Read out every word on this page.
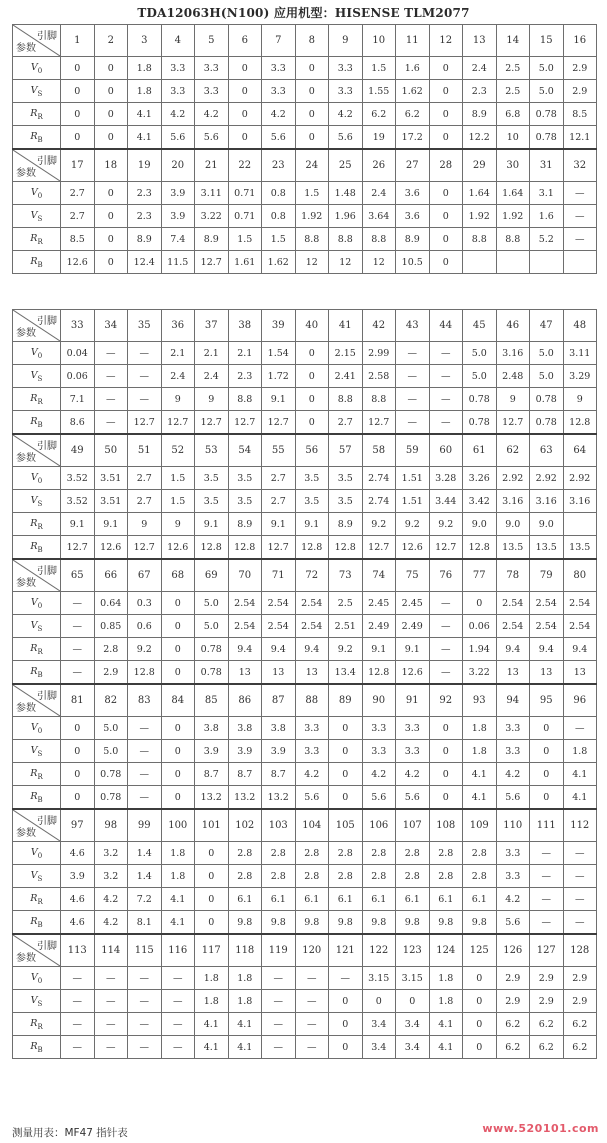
TDA12063H(N100) 应用机型：HISENSE TLM2077
引脚
参数	1	2	3	4	5	6	7	8	9	10	11	12	13	14	15	16
$V_0$	0	0	1.8	3.3	3.3	0	3.3	0	3.3	1.5	1.6	0	2.4	2.5	5.0	2.9
$V_S$	0	0	1.8	3.3	3.3	0	3.3	0	3.3	1.55	1.62	0	2.3	2.5	5.0	2.9
$R_R$	0	0	4.1	4.2	4.2	0	4.2	0	4.2	6.2	6.2	0	8.9	6.8	0.78	8.5
$R_B$	0	0	4.1	5.6	5.6	0	5.6	0	5.6	19	17.2	0	12.2	10	0.78	12.1

引脚
参数	17	18	19	20	21	22	23	24	25	26	27	28	29	30	31	32
$V_0$	2.7	0	2.3	3.9	3.11	0.71	0.8	1.5	1.48	2.4	3.6	0	1.64	1.64	3.1	—
$V_S$	2.7	0	2.3	3.9	3.22	0.71	0.8	1.92	1.96	3.64	3.6	0	1.92	1.92	1.6	—
$R_R$	8.5	0	8.9	7.4	8.9	1.5	1.5	8.8	8.8	8.8	8.9	0	8.8	8.8	5.2	—
$R_B$	12.6	0	12.4	11.5	12.7	1.61	1.62	12	12	12	10.5	0				
引脚
参数	33	34	35	36	37	38	39	40	41	42	43	44	45	46	47	48
$V_0$	0.04	—	—	2.1	2.1	2.1	1.54	0	2.15	2.99	—	—	5.0	3.16	5.0	3.11
$V_S$	0.06	—	—	2.4	2.4	2.3	1.72	0	2.41	2.58	—	—	5.0	2.48	5.0	3.29
$R_R$	7.1	—	—	9	9	8.8	9.1	0	8.8	8.8	—	—	0.78	9	0.78	9
$R_B$	8.6	—	12.7	12.7	12.7	12.7	12.7	0	2.7	12.7	—	—	0.78	12.7	0.78	12.8

引脚
参数	49	50	51	52	53	54	55	56	57	58	59	60	61	62	63	64
$V_0$	3.52	3.51	2.7	1.5	3.5	3.5	2.7	3.5	3.5	2.74	1.51	3.28	3.26	2.92	2.92	2.92
$V_S$	3.52	3.51	2.7	1.5	3.5	3.5	2.7	3.5	3.5	2.74	1.51	3.44	3.42	3.16	3.16	3.16
$R_R$	9.1	9.1	9	9	9.1	8.9	9.1	9.1	8.9	9.2	9.2	9.2	9.0	9.0	9.0	
$R_B$	12.7	12.6	12.7	12.6	12.8	12.8	12.7	12.8	12.8	12.7	12.6	12.7	12.8	13.5	13.5	13.5

引脚
参数	65	66	67	68	69	70	71	72	73	74	75	76	77	78	79	80
$V_0$	—	0.64	0.3	0	5.0	2.54	2.54	2.54	2.5	2.45	2.45	—	0	2.54	2.54	2.54
$V_S$	—	0.85	0.6	0	5.0	2.54	2.54	2.54	2.51	2.49	2.49	—	0.06	2.54	2.54	2.54
$R_R$	—	2.8	9.2	0	0.78	9.4	9.4	9.4	9.2	9.1	9.1	—	1.94	9.4	9.4	9.4
$R_B$	—	2.9	12.8	0	0.78	13	13	13	13.4	12.8	12.6	—	3.22	13	13	13

引脚
参数	81	82	83	84	85	86	87	88	89	90	91	92	93	94	95	96
$V_0$	0	5.0	—	0	3.8	3.8	3.8	3.3	0	3.3	3.3	0	1.8	3.3	0	—
$V_S$	0	5.0	—	0	3.9	3.9	3.9	3.3	0	3.3	3.3	0	1.8	3.3	0	1.8
$R_R$	0	0.78	—	0	8.7	8.7	8.7	4.2	0	4.2	4.2	0	4.1	4.2	0	4.1
$R_B$	0	0.78	—	0	13.2	13.2	13.2	5.6	0	5.6	5.6	0	4.1	5.6	0	4.1

引脚
参数	97	98	99	100	101	102	103	104	105	106	107	108	109	110	111	112
$V_0$	4.6	3.2	1.4	1.8	0	2.8	2.8	2.8	2.8	2.8	2.8	2.8	2.8	3.3	—	—
$V_S$	3.9	3.2	1.4	1.8	0	2.8	2.8	2.8	2.8	2.8	2.8	2.8	2.8	3.3	—	—
$R_R$	4.6	4.2	7.2	4.1	0	6.1	6.1	6.1	6.1	6.1	6.1	6.1	6.1	4.2	—	—
$R_B$	4.6	4.2	8.1	4.1	0	9.8	9.8	9.8	9.8	9.8	9.8	9.8	9.8	5.6	—	—

引脚
参数	113	114	115	116	117	118	119	120	121	122	123	124	125	126	127	128
$V_0$	—	—	—	—	1.8	1.8	—	—	—	3.15	3.15	1.8	0	2.9	2.9	2.9
$V_S$	—	—	—	—	1.8	1.8	—	—	0	0	0	1.8	0	2.9	2.9	2.9
$R_R$	—	—	—	—	4.1	4.1	—	—	0	3.4	3.4	4.1	0	6.2	6.2	6.2
$R_B$	—	—	—	—	4.1	4.1	—	—	0	3.4	3.4	4.1	0	6.2	6.2	6.2
测量用表：MF47 指针表	www.520101.com
